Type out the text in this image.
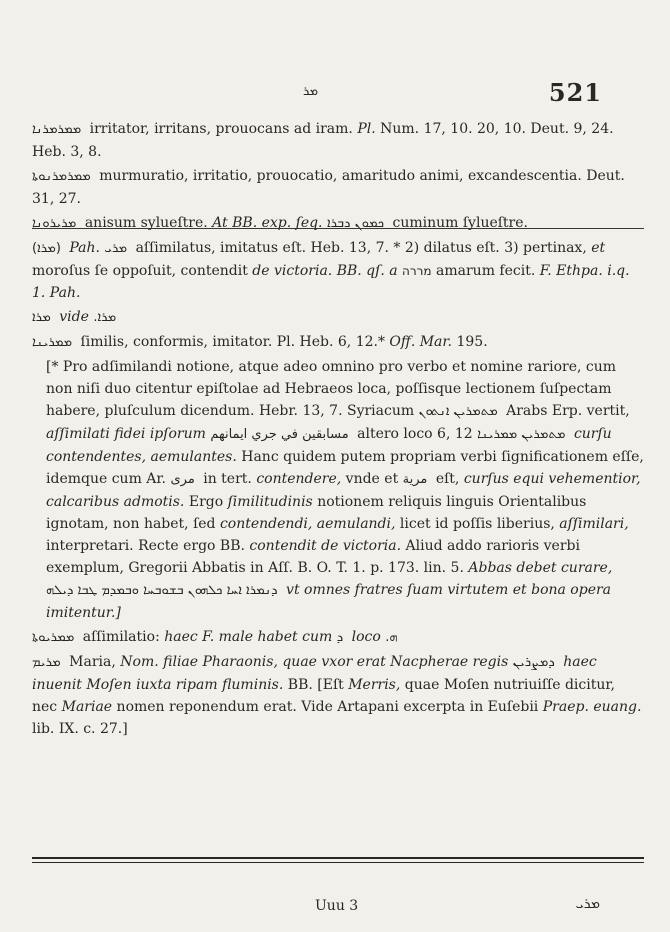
ܡܪ	521

ܡܡܪܡܪܢܐ irritator, irritans, prouocans ad iram. Pl. Num. 17, 10. 20, 10. Deut. 9, 24. Heb. 3, 8.

ܡܡܪܡܪܢܘܬܐ murmuratio, irritatio, prouocatio, amaritudo animi, excandescentia. Deut. 31, 27.

ܡܪܝܪܘܢܐ anisum sylueſtre. At BB. exp. ſeq. ܟܡܘܢ ܕܒܪܐ cuminum ſylueſtre.

(ܡܪܐ) Pah. ܡܪܝ aſſimilatus, imitatus eſt. Heb. 13, 7. * 2) dilatus eſt. 3) pertinax, et moroſus ſe oppoſuit, contendit de victoria. BB. qſ. a מררה amarum fecit. F. Ethpa. i.q. 1. Pah.

ܡܪܐ vide ܡܪܐ.

ܡܡܪܝܢܐ ſimilis, conformis, imitator. Pl. Heb. 6, 12.* Off. Mar. 195.

[* Pro adſimilandi notione, atque adeo omnino pro verbo et nomine rariore, cum non niſi duo citentur epiſtolae ad Hebraeos loca, poſſisque lectionem ſuſpectam habere, pluſculum dicendum. Hebr. 13, 7. Syriacum ܡܬܡܪܝܢ ܐܢܬܘܢ Arabs Erp. vertit, aſſimilati fidei ipſorum مسابقين في جري ايمانهم altero loco 6, 12 ܡܬܡܪܝܢ ܡܡܪܝܢܐ curſu contendentes, aemulantes. Hanc quidem putem propriam verbi ſignificationem eſſe, idemque cum Ar. مرى in tert. contendere, vnde et مرية eſt, curſus equi vehementior, calcaribus admotis. Ergo ſimilitudinis notionem reliquis linguis Orientalibus ignotam, non habet, ſed contendendi, aemulandi, licet id poſſis liberius, aſſimilari, interpretari. Recte ergo BB. contendit de victoria. Aliud addo rarioris verbi exemplum, Gregorii Abbatis in Aſſ. B. O. T. 1. p. 173. lin. 5. Abbas debet curare, ܕܢܡܪܐ ܐܚܐ ܟܠܗܘܢ ܒܫܘܒܚܐ ܘܒܡܕܡ ܛܒܐ ܕܝܠܗ vt omnes fratres ſuam virtutem et bona opera imitentur.]

ܡܡܪܝܘܬܐ aſſimilatio: haec F. male habet cum ܕ loco ܗ.

ܡܪܝܡ Maria, Nom. filiae Pharaonis, quae vxor erat Nacpherae regis ܕܡܨܪܝܢ haec inuenit Moſen iuxta ripam fluminis. BB. [Eſt Merris, quae Moſen nutriuiſſe dicitur, nec Mariae nomen reponendum erat. Vide Artapani excerpta in Euſebii Praep. euang. lib. IX. c. 27.]

Uuu 3	ܡܪܝ
